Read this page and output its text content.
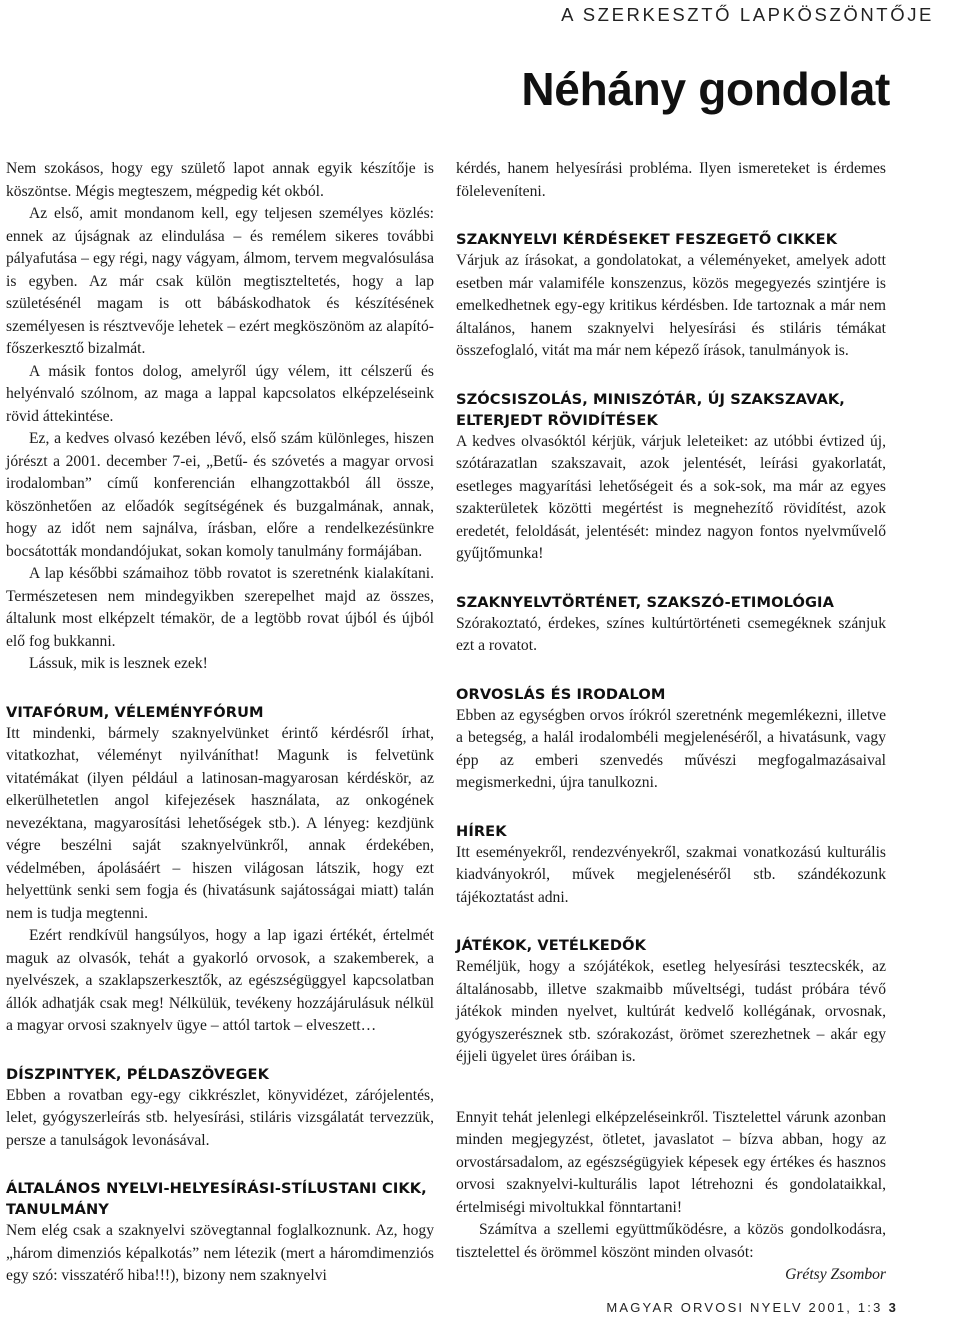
A SZERKESZTŐ LAPKÖSZÖNTŐJE
Néhány gondolat

Nem szokásos, hogy egy születő lapot annak egyik készítője is köszöntse. Mégis megteszem, mégpedig két okból.

Az első, amit mondanom kell, egy teljesen személyes közlés: ennek az újságnak az elindulása – és remélem sikeres további pályafutása – egy régi, nagy vágyam, álmom, tervem megvalósulása is egyben. Az már csak külön megtiszteltetés, hogy a lap születésénél magam is ott bábáskodhatok és készítésének személyesen is résztvevője lehetek – ezért megköszönöm az alapító-főszerkesztő bizalmát.

A másik fontos dolog, amelyről úgy vélem, itt célszerű és helyénvaló szólnom, az maga a lappal kapcsolatos elképzeléseink rövid áttekintése.

Ez, a kedves olvasó kezében lévő, első szám különleges, hiszen jórészt a 2001. december 7-ei, „Betű- és szóvetés a magyar orvosi irodalomban” című konferencián elhangzottakból áll össze, köszönhetően az előadók segítségének és buzgalmának, annak, hogy az időt nem sajnálva, írásban, előre a rendelkezésünkre bocsátották mondandójukat, sokan komoly tanulmány formájában.

A lap későbbi számaihoz több rovatot is szeretnénk kialakítani. Természetesen nem mindegyikben szerepelhet majd az összes, általunk most elképzelt témakör, de a legtöbb rovat újból és újból elő fog bukkanni.

Lássuk, mik is lesznek ezek!

VITAFÓRUM, VÉLEMÉNYFÓRUM

Itt mindenki, bármely szaknyelvünket érintő kérdésről írhat, vitatkozhat, véleményt nyilváníthat! Magunk is felvetünk vitatémákat (ilyen például a latinosan-magyarosan kérdéskör, az elkerülhetetlen angol kifejezések használata, az onkogének nevezéktana, magyarosítási lehetőségek stb.). A lényeg: kezdjünk végre beszélni saját szaknyelvünkről, annak érdekében, védelmében, ápolásáért – hiszen világosan látszik, hogy ezt helyettünk senki sem fogja és (hivatásunk sajátosságai miatt) talán nem is tudja megtenni.

Ezért rendkívül hangsúlyos, hogy a lap igazi értékét, értelmét maguk az olvasók, tehát a gyakorló orvosok, a szakemberek, a nyelvészek, a szaklapszerkesztők, az egészségüggyel kapcsolatban állók adhatják csak meg! Nélkülük, tevékeny hozzájárulásuk nélkül a magyar orvosi szaknyelv ügye – attól tartok – elveszett…

DÍSZPINTYEK, PÉLDASZÖVEGEK

Ebben a rovatban egy-egy cikkrészlet, könyvidézet, zárójelentés, lelet, gyógyszerleírás stb. helyesírási, stiláris vizsgálatát tervezzük, persze a tanulságok levonásával.

ÁLTALÁNOS NYELVI-HELYESÍRÁSI-STÍLUSTANI CIKK, TANULMÁNY

Nem elég csak a szaknyelvi szövegtannal foglalkoznunk. Az, hogy „három dimenziós képalkotás” nem létezik (mert a háromdimenziós egy szó: visszatérő hiba!!!), bizony nem szaknyelvi

kérdés, hanem helyesírási probléma. Ilyen ismereteket is érdemes föleleveníteni.

SZAKNYELVI KÉRDÉSEKET FESZEGETŐ CIKKEK

Várjuk az írásokat, a gondolatokat, a véleményeket, amelyek adott esetben már valamiféle konszenzus, közös megegyezés szintjére is emelkedhetnek egy-egy kritikus kérdésben. Ide tartoznak a már nem általános, hanem szaknyelvi helyesírási és stiláris témákat összefoglaló, vitát ma már nem képező írások, tanulmányok is.

SZÓCSISZOLÁS, MINISZÓTÁR, ÚJ SZAKSZAVAK, ELTERJEDT RÖVIDÍTÉSEK

A kedves olvasóktól kérjük, várjuk leleteiket: az utóbbi évtized új, szótárazatlan szakszavait, azok jelentését, leírási gyakorlatát, esetleges magyarítási lehetőségeit és a sok-sok, ma már az egyes szakterületek közötti megértést is megnehezítő rövidítést, azok eredetét, feloldását, jelentését: mindez nagyon fontos nyelvművelő gyűjtőmunka!

SZAKNYELVTÖRTÉNET, SZAKSZÓ-ETIMOLÓGIA

Szórakoztató, érdekes, színes kultúrtörténeti csemegéknek szánjuk ezt a rovatot.

ORVOSLÁS ÉS IRODALOM

Ebben az egységben orvos írókról szeretnénk megemlékezni, illetve a betegség, a halál irodalombéli megjelenéséről, a hivatásunk, vagy épp az emberi szenvedés művészi megfogalmazásaival megismerkedni, újra tanulkozni.

HÍREK

Itt eseményekről, rendezvényekről, szakmai vonatkozású kulturális kiadványokról, művek megjelenéséről stb. szándékozunk tájékoztatást adni.

JÁTÉKOK, VETÉLKEDŐK

Reméljük, hogy a szójátékok, esetleg helyesírási tesztecskék, az általánosabb, illetve szakmaibb műveltségi, tudást próbára tévő játékok minden nyelvet, kultúrát kedvelő kollégának, orvosnak, gyógyszerésznek stb. szórakozást, örömet szerezhetnek – akár egy éjjeli ügyelet üres óráiban is.

Ennyit tehát jelenlegi elképzeléseinkről. Tisztelettel várunk azonban minden megjegyzést, ötletet, javaslatot – bízva abban, hogy az orvostársadalom, az egészségügyiek képesek egy értékes és hasznos orvosi szaknyelvi-kulturális lapot létrehozni és gondolataikkal, értelmiségi mivoltukkal fönntartani!

Számítva a szellemi együttműködésre, a közös gondolkodásra, tisztelettel és örömmel köszönt minden olvasót:

Grétsy Zsombor

MAGYAR ORVOSI NYELV 2001, 1:3 3
